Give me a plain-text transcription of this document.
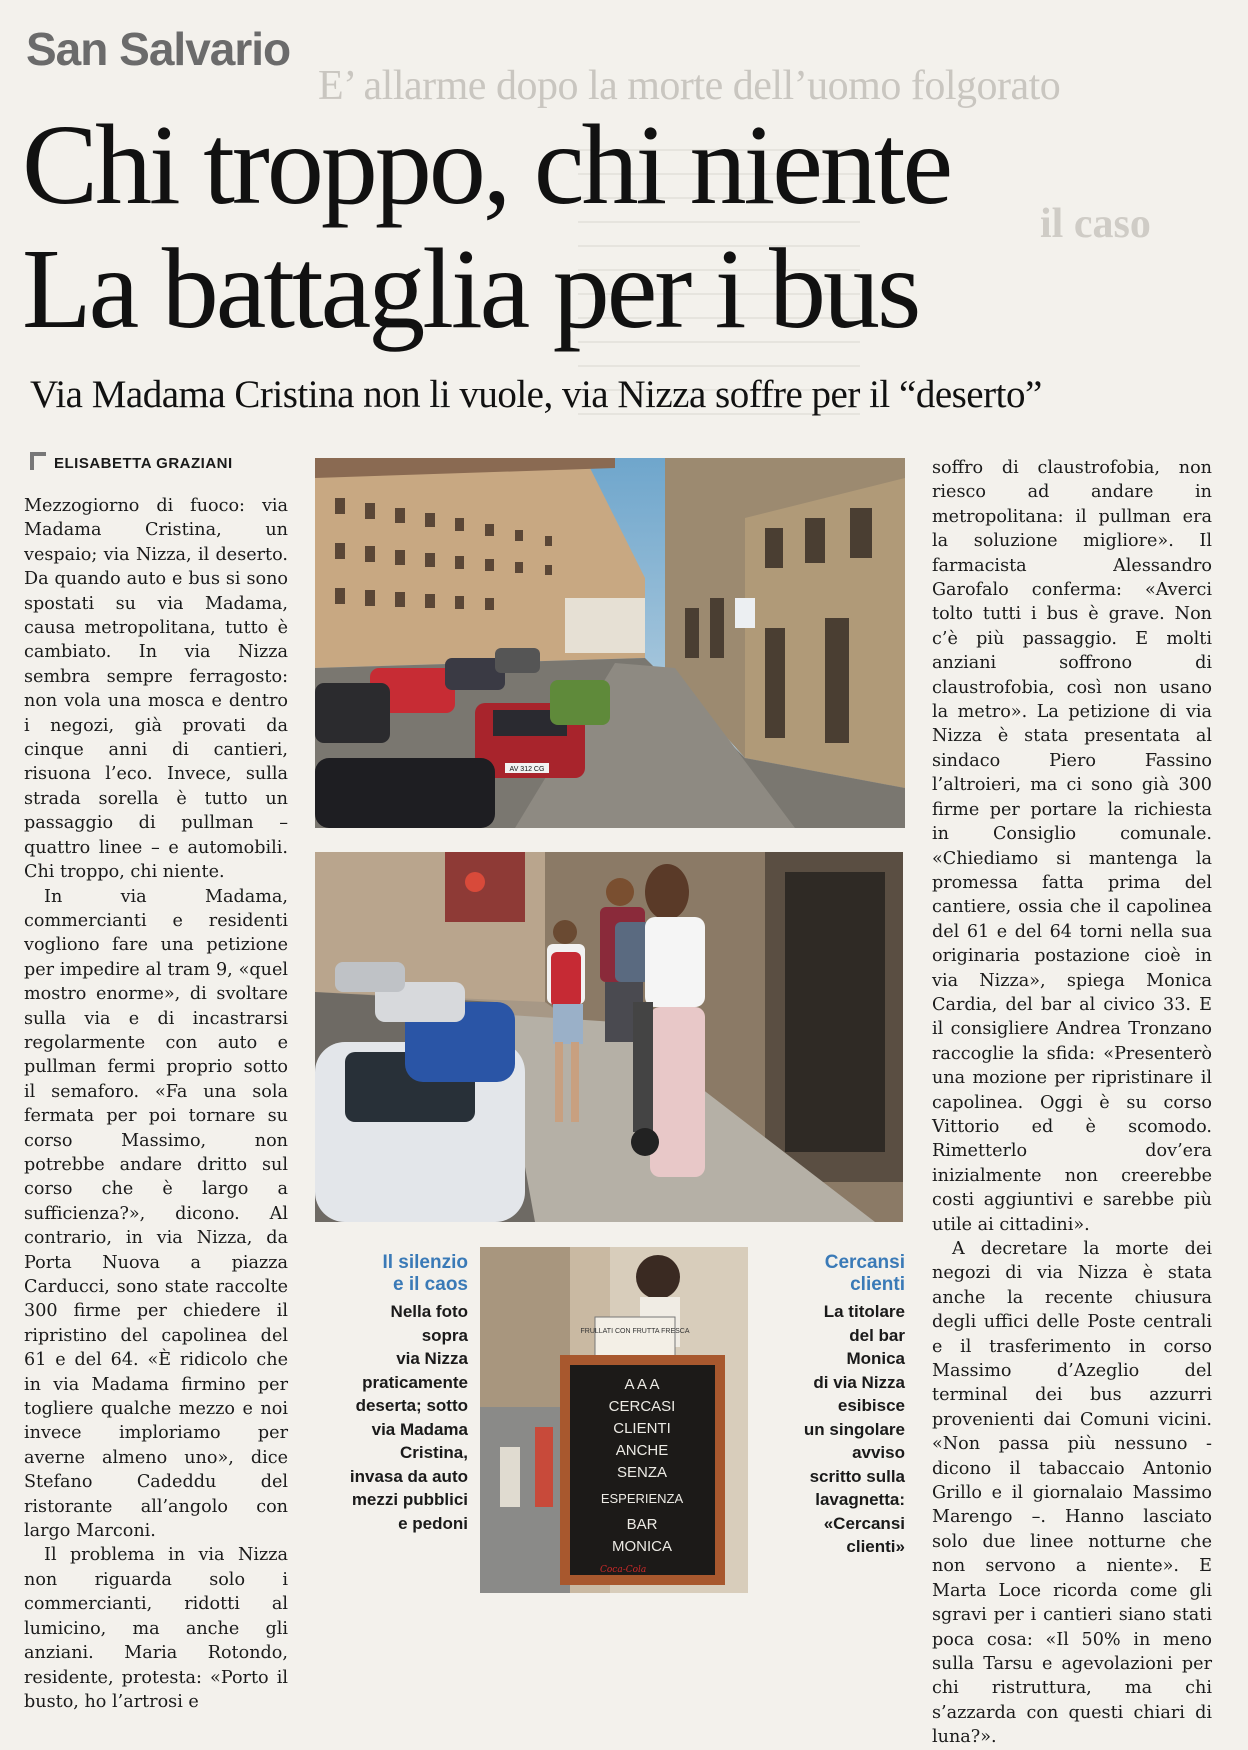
E’ allarme dopo la morte dell’uomo folgorato
il caso
San Salvario
Chi troppo, chi niente
La battaglia per i bus
Via Madama Cristina non li vuole, via Nizza soffre per il “deserto”
ELISABETTA GRAZIANI

Mezzogiorno di fuoco: via Madama Cristina, un vespaio; via Nizza, il deserto. Da quando auto e bus si sono spostati su via Madama, causa metropolitana, tutto è cambiato. In via Nizza sembra sempre ferragosto: non vola una mosca e dentro i negozi, già provati da cinque anni di cantieri, risuona l’eco. Invece, sulla strada sorella è tutto un passaggio di pullman – quattro linee – e automobili. Chi troppo, chi niente.

In via Madama, commercianti e residenti vogliono fare una petizione per impedire al tram 9, «quel mostro enorme», di svoltare sulla via e di incastrarsi regolarmente con auto e pullman fermi proprio sotto il semaforo. «Fa una sola fermata per poi tornare su corso Massimo, non potrebbe andare dritto sul corso che è largo a sufficienza?», dicono. Al contrario, in via Nizza, da Porta Nuova a piazza Carducci, sono state raccolte 300 firme per chiedere il ripristino del capolinea del 61 e del 64. «È ridicolo che in via Madama firmino per togliere qualche mezzo e noi invece imploriamo per averne almeno uno», dice Stefano Cadeddu del ristorante all’angolo con largo Marconi.

Il problema in via Nizza non riguarda solo i commercianti, ridotti al lumicino, ma anche gli anziani. Maria Rotondo, residente, protesta: «Porto il busto, ho l’artrosi e

AV 312 CG
FRULLATI CON FRUTTA FRESCA
A A A
CERCASI
CLIENTI
ANCHE
SENZA
ESPERIENZA
BAR
MONICA
Coca-Cola
Il silenzio
e il caos
Nella foto
sopra
via Nizza
praticamente
deserta; sotto
via Madama
Cristina,
invasa da auto
mezzi pubblici
e pedoni
Cercansi
clienti
La titolare
del bar
Monica
di via Nizza
esibisce
un singolare
avviso
scritto sulla
lavagnetta:
«Cercansi
clienti»

soffro di claustrofobia, non riesco ad andare in metropolitana: il pullman era la soluzione migliore». Il farmacista Alessandro Garofalo conferma: «Averci tolto tutti i bus è grave. Non c’è più passaggio. E molti anziani soffrono di claustrofobia, così non usano la metro». La petizione di via Nizza è stata presentata al sindaco Piero Fassino l’altroieri, ma ci sono già 300 firme per portare la richiesta in Consiglio comunale. «Chiediamo si mantenga la promessa fatta prima del cantiere, ossia che il capolinea del 61 e del 64 torni nella sua originaria postazione cioè in via Nizza», spiega Monica Cardia, del bar al civico 33. E il consigliere Andrea Tronzano raccoglie la sfida: «Presenterò una mozione per ripristinare il capolinea. Oggi è su corso Vittorio ed è scomodo. Rimetterlo dov’era inizialmente non creerebbe costi aggiuntivi e sarebbe più utile ai cittadini».

A decretare la morte dei negozi di via Nizza è stata anche la recente chiusura degli uffici delle Poste centrali e il trasferimento in corso Massimo d’Azeglio del terminal dei bus azzurri provenienti dai Comuni vicini. «Non passa più nessuno - dicono il tabaccaio Antonio Grillo e il giornalaio Massimo Marengo –. Hanno lasciato solo due linee notturne che non servono a niente». E Marta Loce ricorda come gli sgravi per i cantieri siano stati poca cosa: «Il 50% in meno sulla Tarsu e agevolazioni per chi ristruttura, ma chi s’azzarda con questi chiari di luna?».
